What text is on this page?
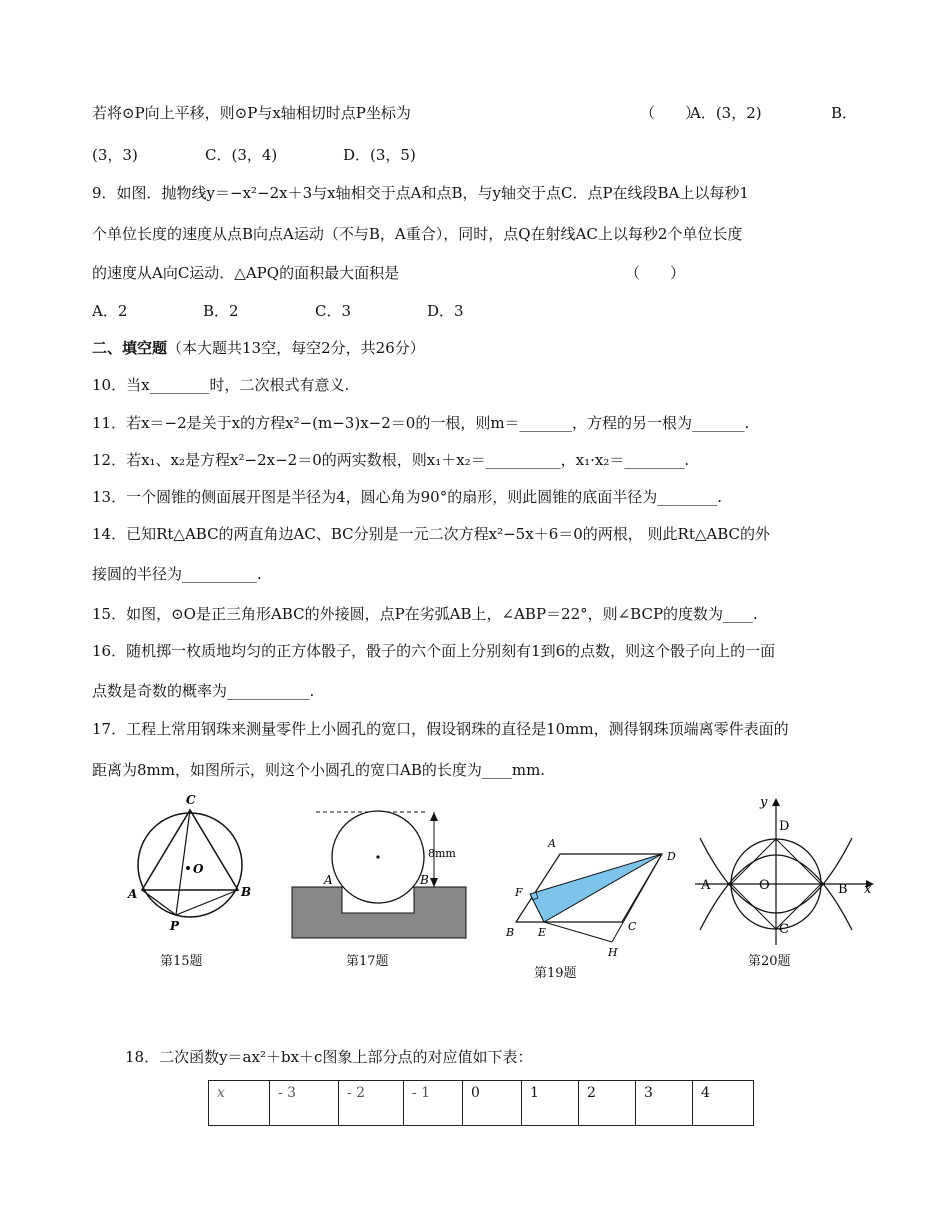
若将⊙P向上平移，则⊙P与x轴相切时点P坐标为	（　　）
A．(3，2)	B．
(3，3)	C．(3，4)	D．(3，5)
9．如图．抛物线y＝−x²−2x＋3与x轴相交于点A和点B，与y轴交于点C．点P在线段BA上以每秒1
个单位长度的速度从点B向点A运动（不与B，A重合），同时，点Q在射线AC上以每秒2个单位长度
的速度从A向C运动．△APQ的面积最大面积是	（　　）
A．2	B．2	C．3	D．3
二、填空题（本大题共13空，每空2分，共26分）
10．当x________时，二次根式有意义.
11．若x＝−2是关于x的方程x²−(m−3)x−2＝0的一根，则m＝_______，方程的另一根为_______.
12．若x₁、x₂是方程x²−2x−2＝0的两实数根，则x₁＋x₂＝__________，x₁·x₂＝________.
13．一个圆锥的侧面展开图是半径为4，圆心角为90°的扇形，则此圆锥的底面半径为________.
14．已知Rt△ABC的两直角边AC、BC分别是一元二次方程x²−5x＋6＝0的两根， 则此Rt△ABC的外
接圆的半径为__________.
15．如图，⊙O是正三角形ABC的外接圆，点P在劣弧AB上，∠ABP＝22°，则∠BCP的度数为____.
16．随机掷一枚质地均匀的正方体骰子，骰子的六个面上分别刻有1到6的点数，则这个骰子向上的一面
点数是奇数的概率为___________.
17．工程上常用钢珠来测量零件上小圆孔的宽口，假设钢珠的直径是10mm，测得钢珠顶端离零件表面的
距离为8mm，如图所示，则这个小圆孔的宽口AB的长度为____mm.
C
O
A	B
P
第15题
A	B
8mm
第17题
A
D
F
B E	C
H
第19题
y
D
A	O	B x
C
第20题
18．二次函数y＝ax²＋bx＋c图象上部分点的对应值如下表：
x	- 3	- 2	- 1	0	1	2	3	4
